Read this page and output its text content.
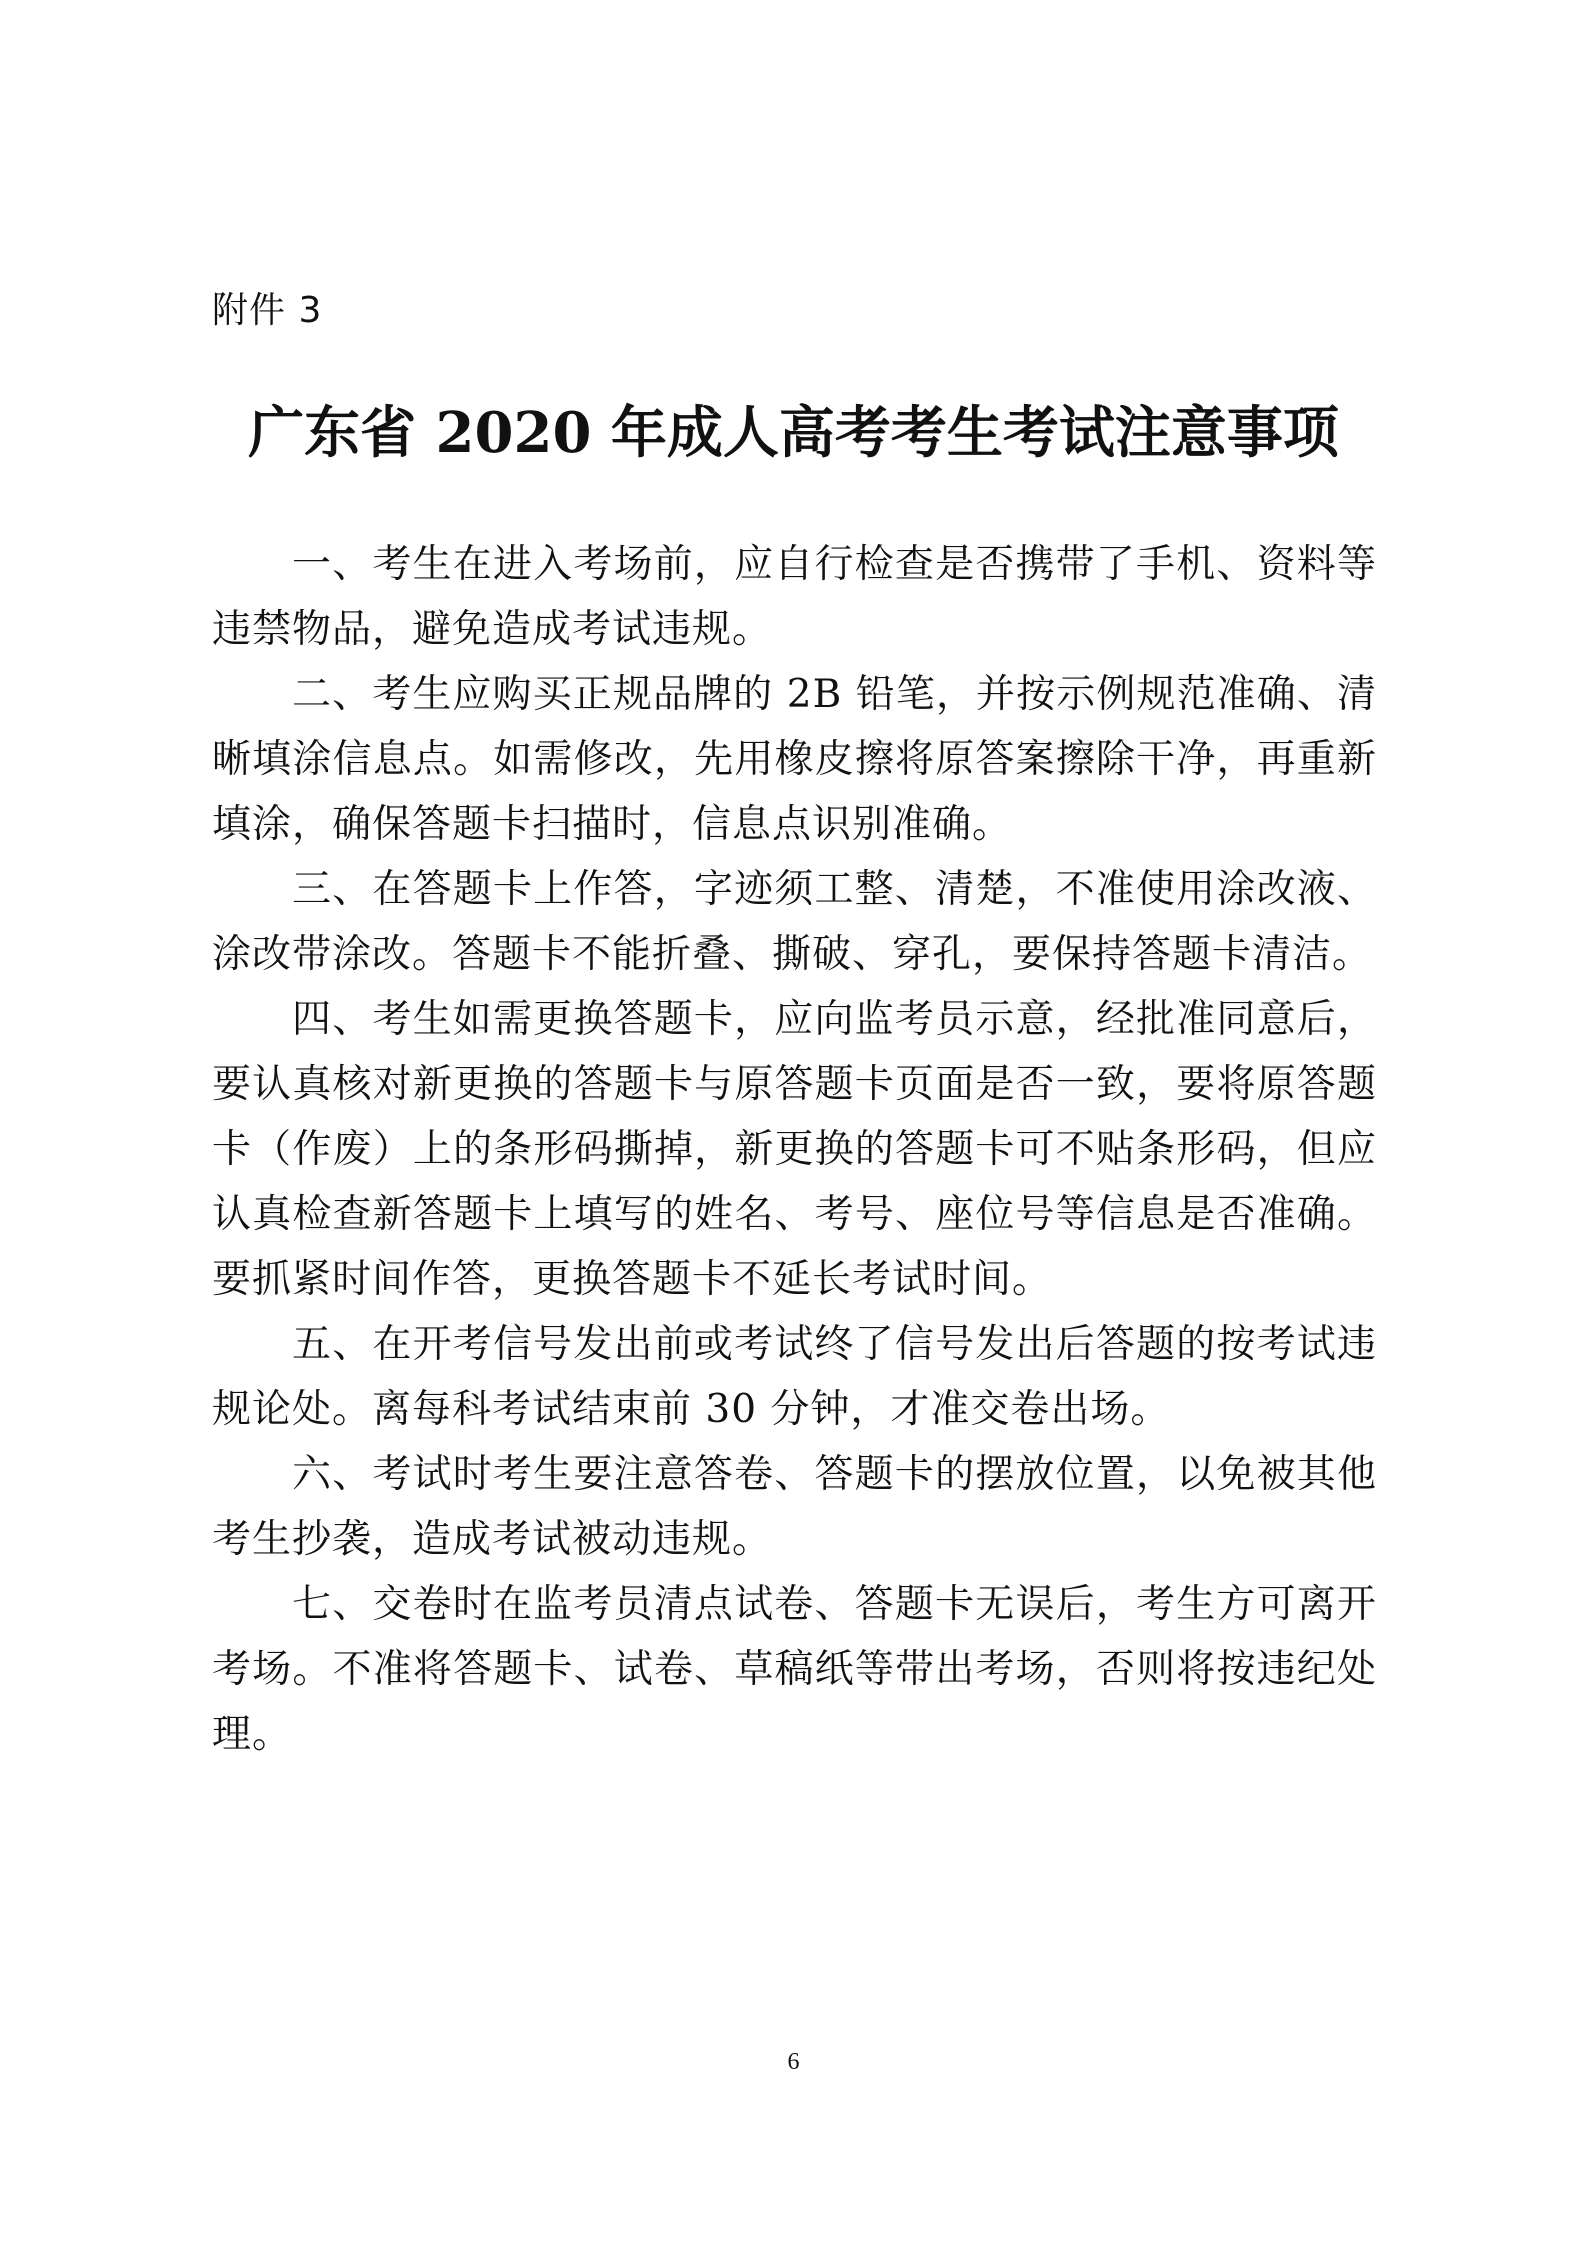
附件 3
广东省 2020 年成人高考考生考试注意事项

一、考生在进入考场前，应自行检查是否携带了手机、资料等违禁物品，避免造成考试违规。

二、考生应购买正规品牌的 2B 铅笔，并按示例规范准确、清晰填涂信息点。如需修改，先用橡皮擦将原答案擦除干净，再重新填涂，确保答题卡扫描时，信息点识别准确。

三、在答题卡上作答，字迹须工整、清楚，不准使用涂改液、涂改带涂改。答题卡不能折叠、撕破、穿孔，要保持答题卡清洁。

四、考生如需更换答题卡，应向监考员示意，经批准同意后，要认真核对新更换的答题卡与原答题卡页面是否一致，要将原答题卡（作废）上的条形码撕掉，新更换的答题卡可不贴条形码，但应认真检查新答题卡上填写的姓名、考号、座位号等信息是否准确。要抓紧时间作答，更换答题卡不延长考试时间。

五、在开考信号发出前或考试终了信号发出后答题的按考试违规论处。离每科考试结束前 30 分钟，才准交卷出场。

六、考试时考生要注意答卷、答题卡的摆放位置，以免被其他考生抄袭，造成考试被动违规。

七、交卷时在监考员清点试卷、答题卡无误后，考生方可离开考场。不准将答题卡、试卷、草稿纸等带出考场，否则将按违纪处理。

6
